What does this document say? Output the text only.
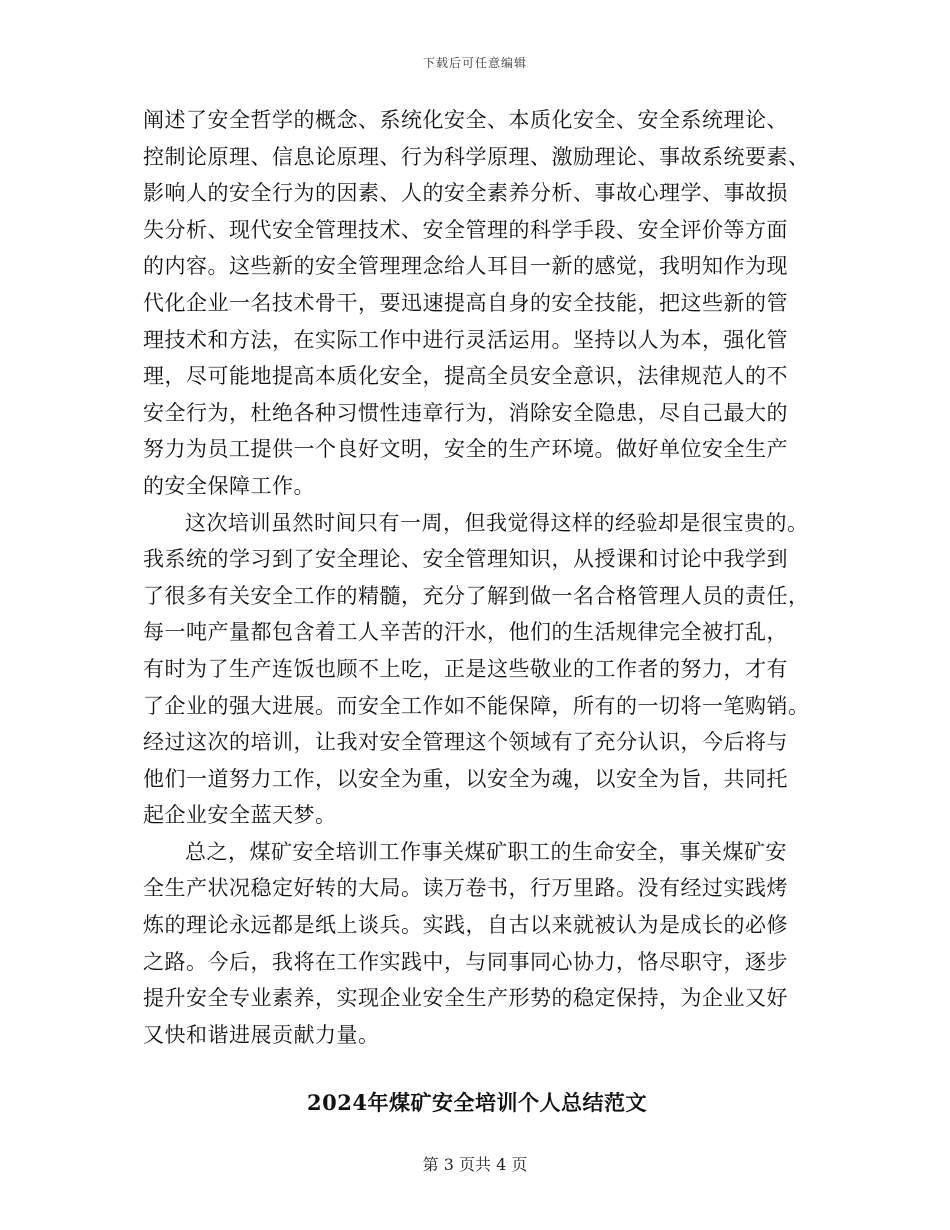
下载后可任意编辑
阐述了安全哲学的概念、系统化安全、本质化安全、安全系统理论、
控制论原理、信息论原理、行为科学原理、激励理论、事故系统要素、
影响人的安全行为的因素、人的安全素养分析、事故心理学、事故损
失分析、现代安全管理技术、安全管理的科学手段、安全评价等方面
的内容。这些新的安全管理理念给人耳目一新的感觉，我明知作为现
代化企业一名技术骨干，要迅速提高自身的安全技能，把这些新的管
理技术和方法，在实际工作中进行灵活运用。坚持以人为本，强化管
理，尽可能地提高本质化安全，提高全员安全意识，法律规范人的不
安全行为，杜绝各种习惯性违章行为，消除安全隐患，尽自己最大的
努力为员工提供一个良好文明，安全的生产环境。做好单位安全生产
的安全保障工作。
这次培训虽然时间只有一周，但我觉得这样的经验却是很宝贵的。
我系统的学习到了安全理论、安全管理知识，从授课和讨论中我学到
了很多有关安全工作的精髓，充分了解到做一名合格管理人员的责任，
每一吨产量都包含着工人辛苦的汗水，他们的生活规律完全被打乱，
有时为了生产连饭也顾不上吃，正是这些敬业的工作者的努力，才有
了企业的强大进展。而安全工作如不能保障，所有的一切将一笔购销。
经过这次的培训，让我对安全管理这个领域有了充分认识，今后将与
他们一道努力工作，以安全为重，以安全为魂，以安全为旨，共同托
起企业安全蓝天梦。
总之，煤矿安全培训工作事关煤矿职工的生命安全，事关煤矿安
全生产状况稳定好转的大局。读万卷书，行万里路。没有经过实践烤
炼的理论永远都是纸上谈兵。实践，自古以来就被认为是成长的必修
之路。今后，我将在工作实践中，与同事同心协力，恪尽职守，逐步
提升安全专业素养，实现企业安全生产形势的稳定保持，为企业又好
又快和谐进展贡献力量。
2024年煤矿安全培训个人总结范文
第 3 页共 4 页
